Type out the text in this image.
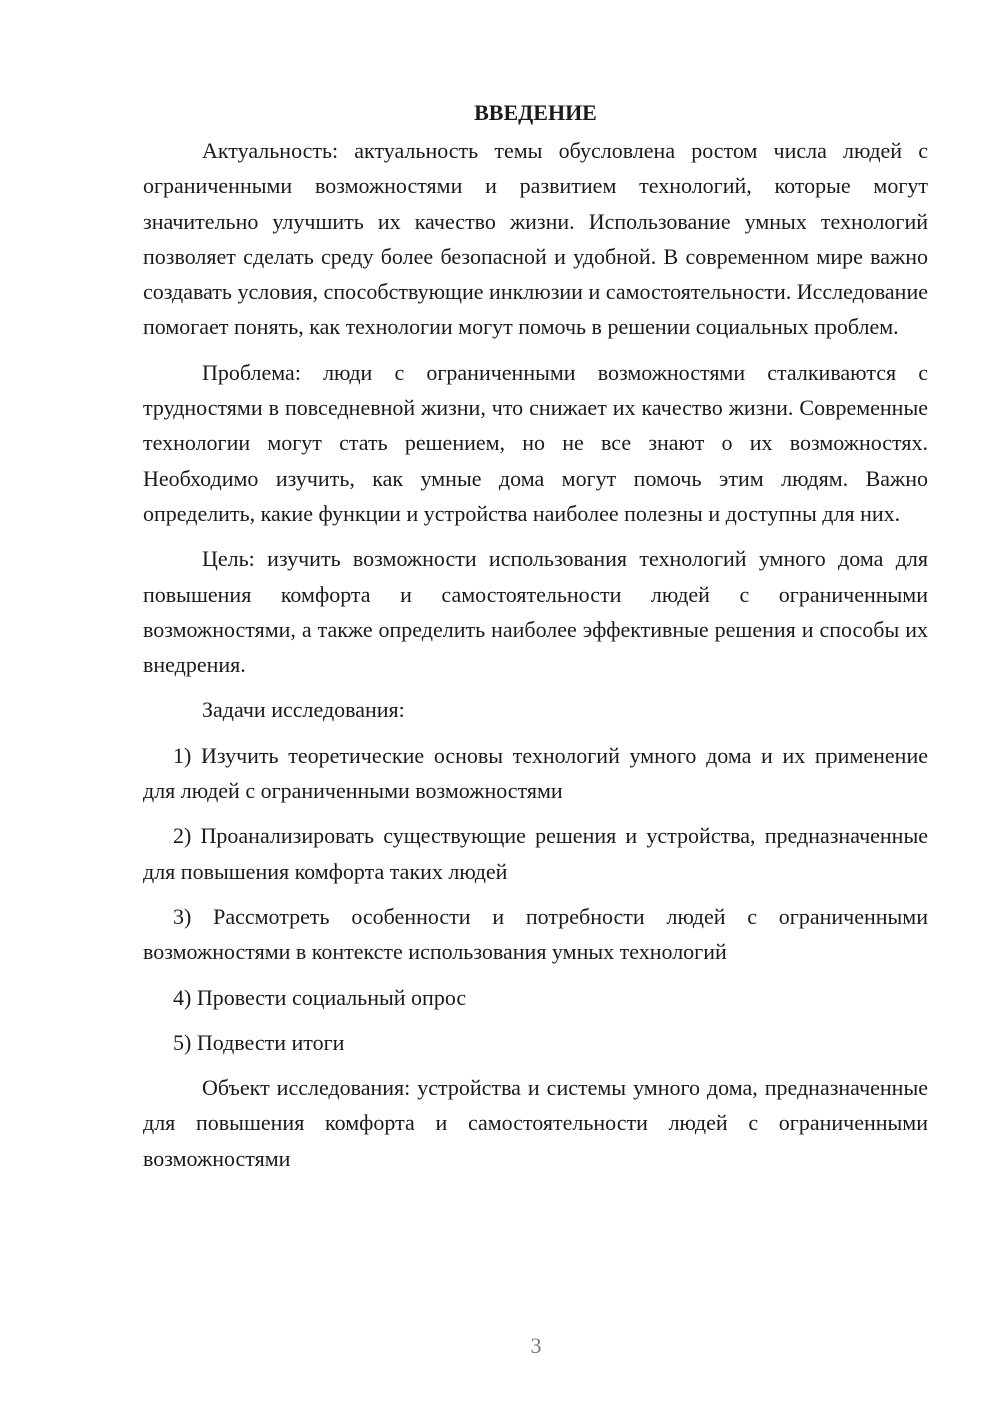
ВВЕДЕНИЕ

Актуальность: актуальность темы обусловлена ростом числа людей с ограниченными возможностями и развитием технологий, которые могут значительно улучшить их качество жизни. Использование умных технологий позволяет сделать среду более безопасной и удобной. В современном мире важно создавать условия, способствующие инклюзии и самостоятельности. Исследование помогает понять, как технологии могут помочь в решении социальных проблем.

Проблема: люди с ограниченными возможностями сталкиваются с трудностями в повседневной жизни, что снижает их качество жизни. Современные технологии могут стать решением, но не все знают о их возможностях. Необходимо изучить, как умные дома могут помочь этим людям. Важно определить, какие функции и устройства наиболее полезны и доступны для них.

Цель: изучить возможности использования технологий умного дома для повышения комфорта и самостоятельности людей с ограниченными возможностями, а также определить наиболее эффективные решения и способы их внедрения.

Задачи исследования:

1) Изучить теоретические основы технологий умного дома и их применение для людей с ограниченными возможностями

2) Проанализировать существующие решения и устройства, предназначенные для повышения комфорта таких людей

3) Рассмотреть особенности и потребности людей с ограниченными возможностями в контексте использования умных технологий

4) Провести социальный опрос

5) Подвести итоги

Объект исследования: устройства и системы умного дома, предназначенные для повышения комфорта и самостоятельности людей с ограниченными возможностями

3
